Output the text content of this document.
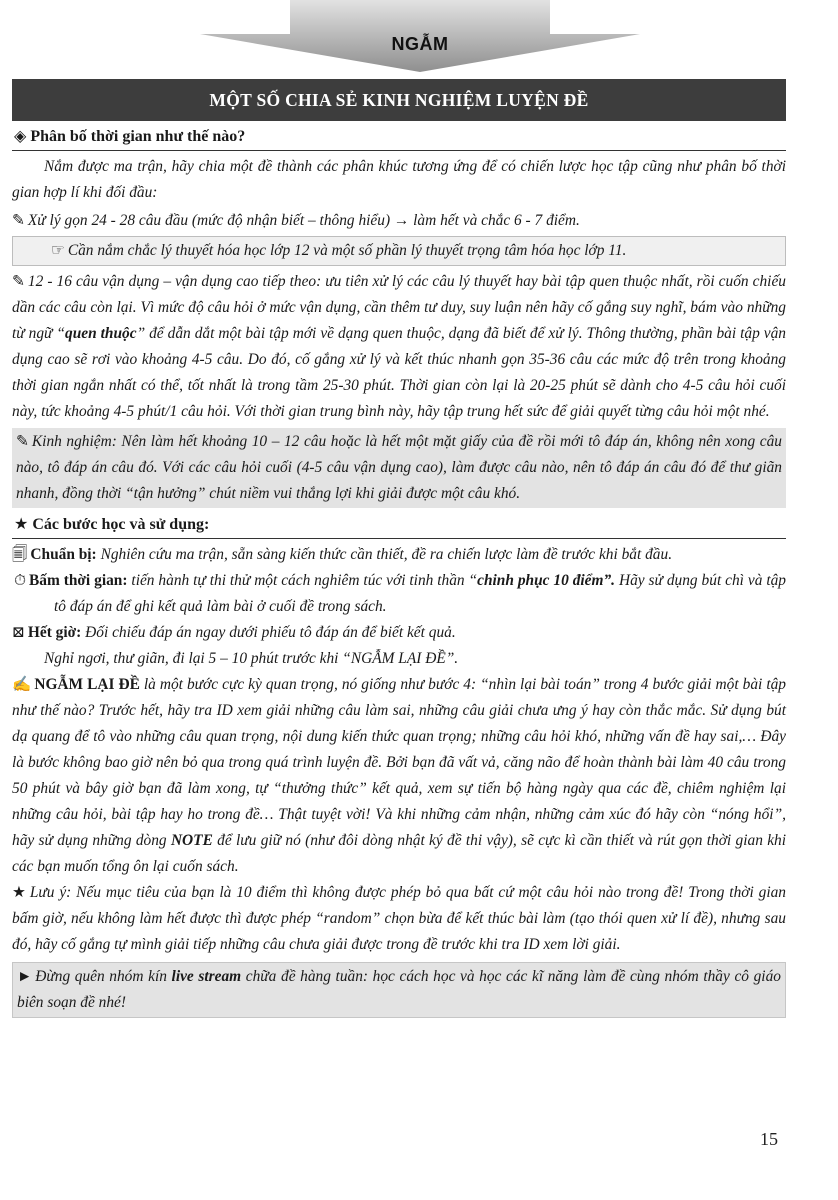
NGẪM
MỘT SỐ CHIA SẺ KINH NGHIỆM LUYỆN ĐỀ
◈ Phân bố thời gian như thế nào?
Nắm được ma trận, hãy chia một đề thành các phân khúc tương ứng để có chiến lược học tập cũng như phân bố thời gian hợp lí khi đối đầu:
✎ Xử lý gọn 24 - 28 câu đầu (mức độ nhận biết – thông hiểu) → làm hết và chắc 6 - 7 điểm.
☞ Cần nắm chắc lý thuyết hóa học lớp 12 và một số phần lý thuyết trọng tâm hóa học lớp 11.
✎ 12 - 16 câu vận dụng – vận dụng cao tiếp theo: ưu tiên xử lý các câu lý thuyết hay bài tập quen thuộc nhất, rồi cuốn chiếu dần các câu còn lại. Vì mức độ câu hỏi ở mức vận dụng, cần thêm tư duy, suy luận nên hãy cố gắng suy nghĩ, bám vào những từ ngữ “quen thuộc” để dẫn dắt một bài tập mới về dạng quen thuộc, dạng đã biết để xử lý. Thông thường, phần bài tập vận dụng cao sẽ rơi vào khoảng 4-5 câu. Do đó, cố gắng xử lý và kết thúc nhanh gọn 35-36 câu các mức độ trên trong khoảng thời gian ngắn nhất có thể, tốt nhất là trong tầm 25-30 phút. Thời gian còn lại là 20-25 phút sẽ dành cho 4-5 câu hỏi cuối này, tức khoảng 4-5 phút/1 câu hỏi. Với thời gian trung bình này, hãy tập trung hết sức để giải quyết từng câu hỏi một nhé.
✎ Kinh nghiệm: Nên làm hết khoảng 10 – 12 câu hoặc là hết một mặt giấy của đề rồi mới tô đáp án, không nên xong câu nào, tô đáp án câu đó. Với các câu hỏi cuối (4-5 câu vận dụng cao), làm được câu nào, nên tô đáp án câu đó để thư giãn nhanh, đồng thời “tận hưởng” chút niềm vui thắng lợi khi giải được một câu khó.
★ Các bước học và sử dụng:
🗐 Chuẩn bị: Nghiên cứu ma trận, sẵn sàng kiến thức cần thiết, đề ra chiến lược làm đề trước khi bắt đầu.
⏱ Bấm thời gian: tiến hành tự thi thử một cách nghiêm túc với tinh thần “chinh phục 10 điểm”. Hãy sử dụng bút chì và tập tô đáp án để ghi kết quả làm bài ở cuối đề trong sách.
⊠ Hết giờ: Đối chiếu đáp án ngay dưới phiếu tô đáp án để biết kết quả.
Nghỉ ngơi, thư giãn, đi lại 5 – 10 phút trước khi “NGẪM LẠI ĐỀ”.
✍ NGẪM LẠI ĐỀ là một bước cực kỳ quan trọng, nó giống như bước 4: “nhìn lại bài toán” trong 4 bước giải một bài tập như thế nào? Trước hết, hãy tra ID xem giải những câu làm sai, những câu giải chưa ưng ý hay còn thắc mắc. Sử dụng bút dạ quang để tô vào những câu quan trọng, nội dung kiến thức quan trọng; những câu hỏi khó, những vấn đề hay sai,… Đây là bước không bao giờ nên bỏ qua trong quá trình luyện đề. Bởi bạn đã vất vả, căng não để hoàn thành bài làm 40 câu trong 50 phút và bây giờ bạn đã làm xong, tự “thưởng thức” kết quả, xem sự tiến bộ hàng ngày qua các đề, chiêm nghiệm lại những câu hỏi, bài tập hay ho trong đề… Thật tuyệt vời! Và khi những cảm nhận, những cảm xúc đó hãy còn “nóng hổi”, hãy sử dụng những dòng NOTE để lưu giữ nó (như đôi dòng nhật ký đề thi vậy), sẽ cực kì cần thiết và rút gọn thời gian khi các bạn muốn tổng ôn lại cuốn sách.
★ Lưu ý: Nếu mục tiêu của bạn là 10 điểm thì không được phép bỏ qua bất cứ một câu hỏi nào trong đề! Trong thời gian bấm giờ, nếu không làm hết được thì được phép “random” chọn bừa để kết thúc bài làm (tạo thói quen xử lí đề), nhưng sau đó, hãy cố gắng tự mình giải tiếp những câu chưa giải được trong đề trước khi tra ID xem lời giải.
► Đừng quên nhóm kín live stream chữa đề hàng tuần: học cách học và học các kĩ năng làm đề cùng nhóm thầy cô giáo biên soạn đề nhé!
15
